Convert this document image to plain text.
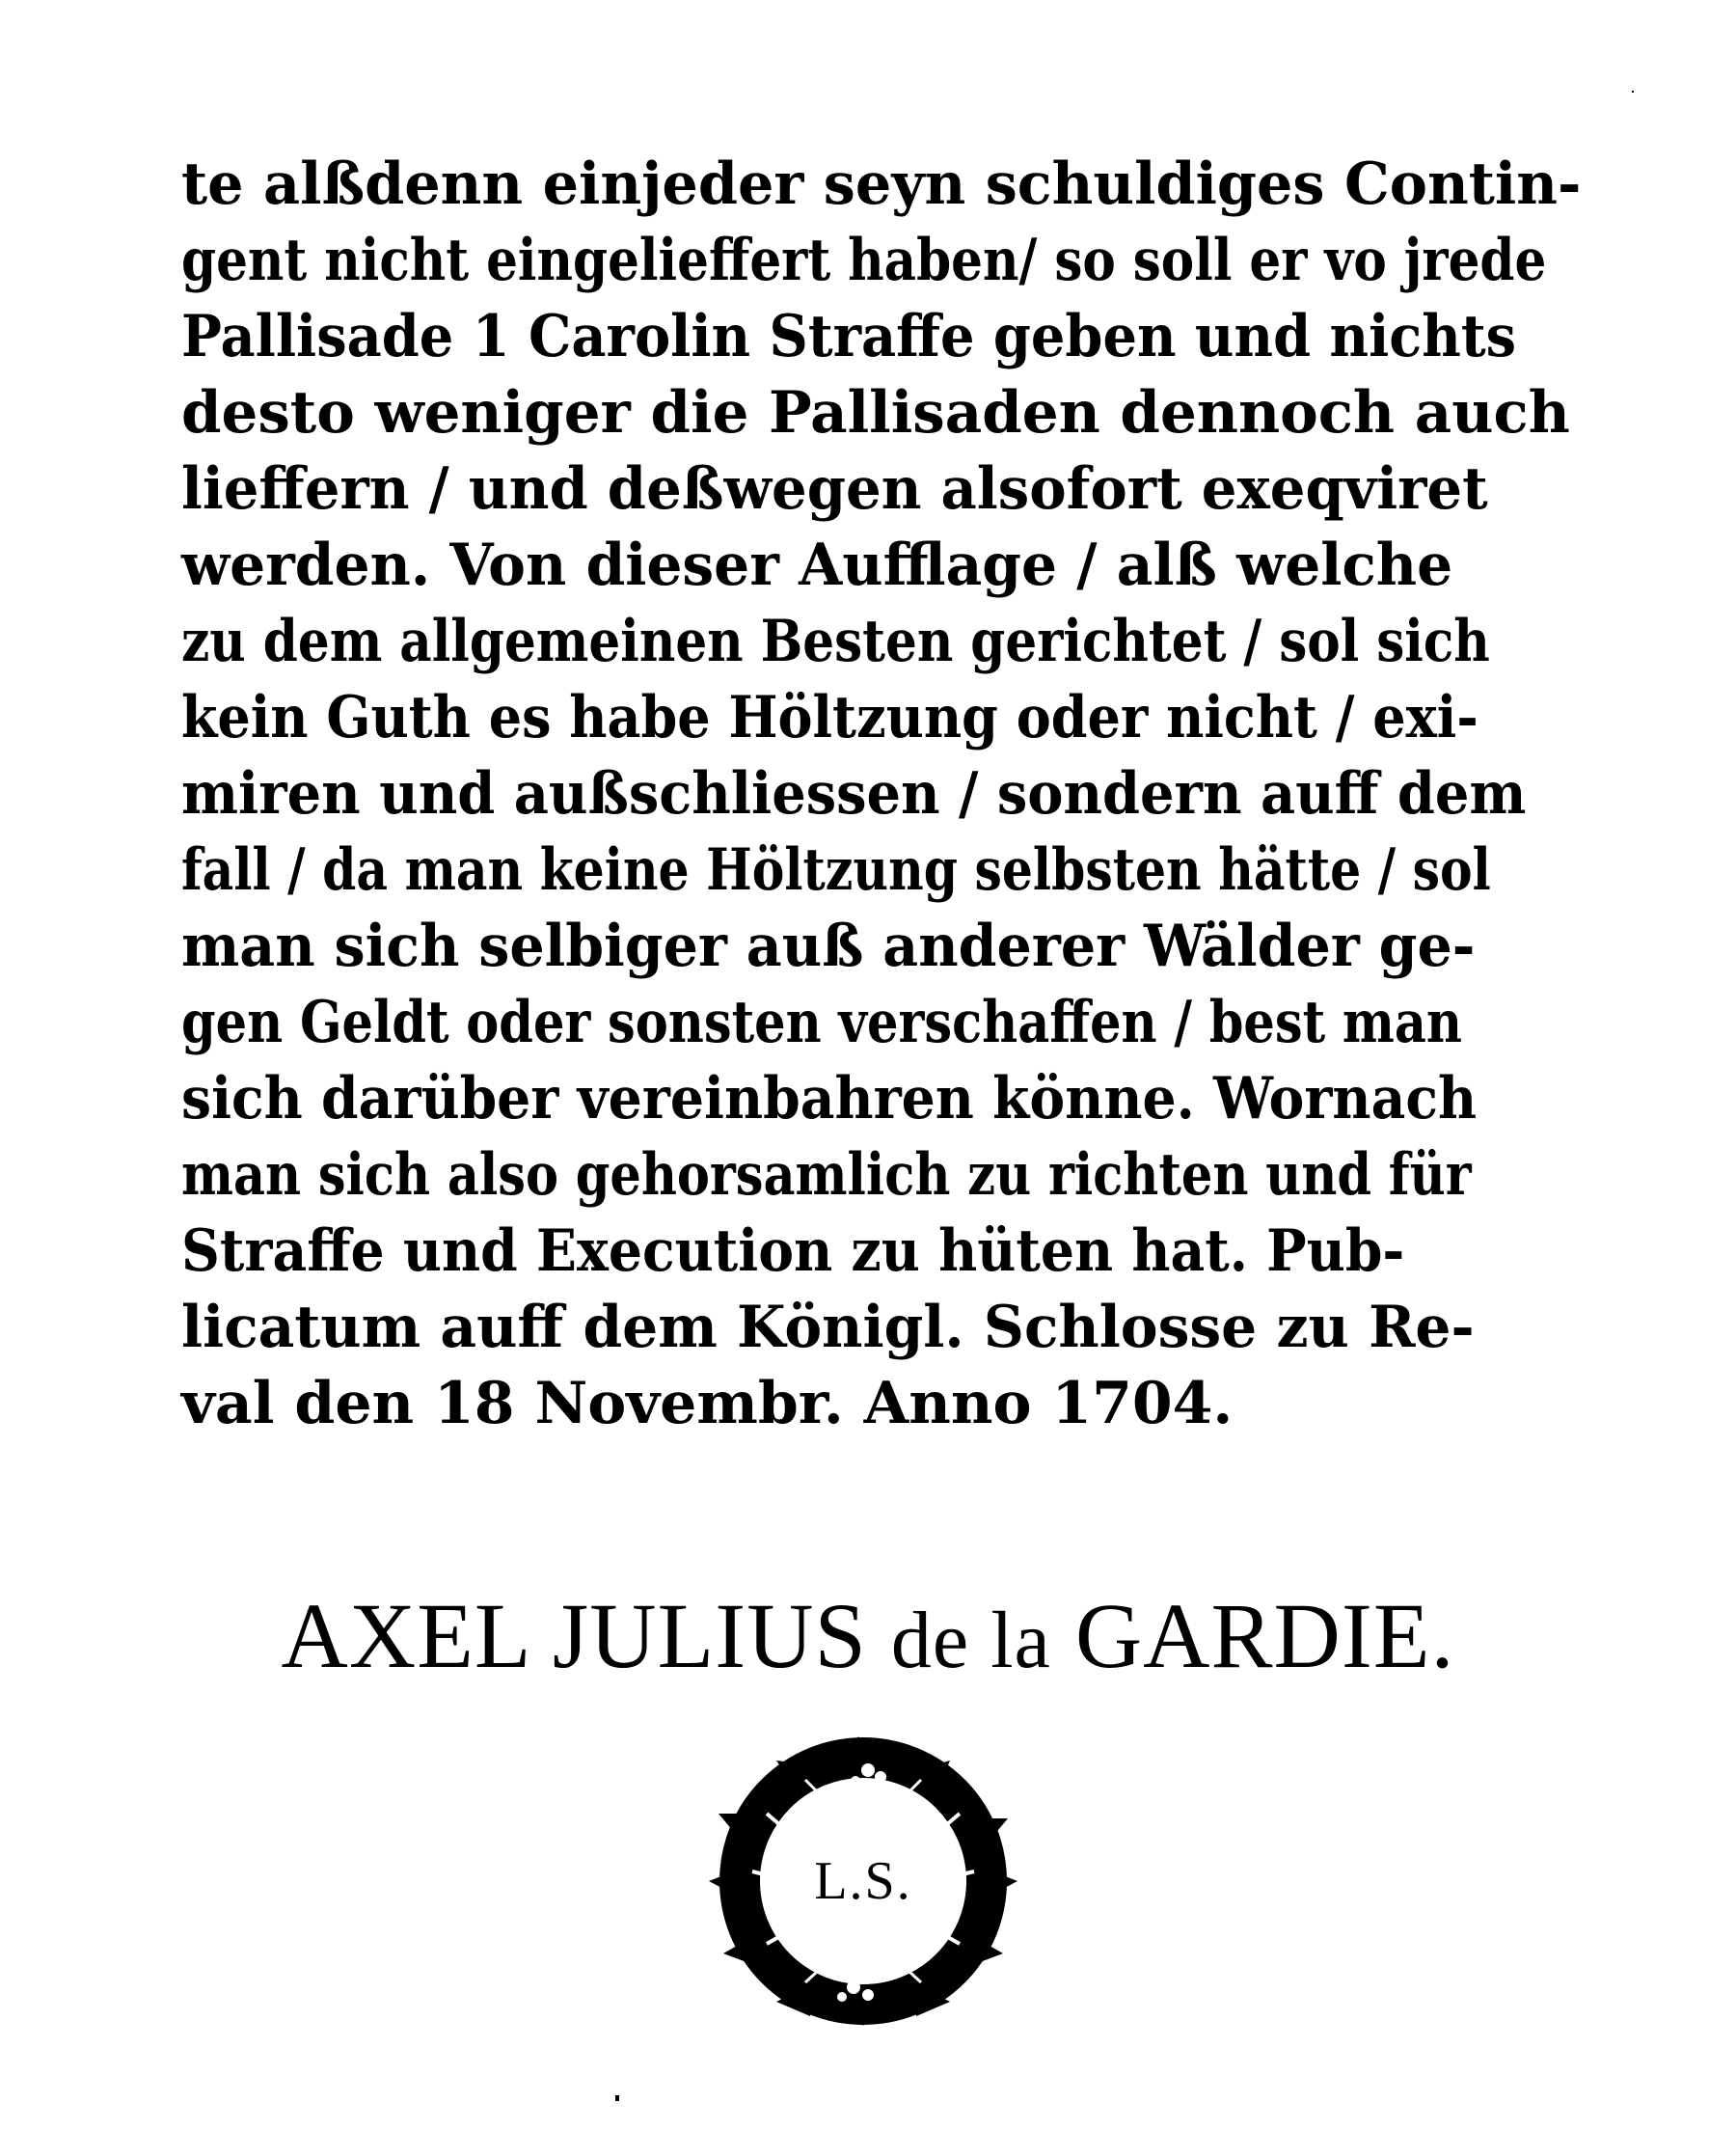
te alßdenn einjeder seyn schuldiges Contin-
gent nicht eingelieffert haben/ so soll er vo jrede
Pallisade 1 Carolin Straffe geben und nichts
desto weniger die Pallisaden dennoch auch
lieffern / und deßwegen alsofort exeqviret
werden. Von dieser Aufflage / alß welche
zu dem allgemeinen Besten gerichtet / sol sich
kein Guth es habe Höltzung oder nicht / exi-
miren und außschliessen / sondern auff dem
fall / da man keine Höltzung selbsten hätte / sol
man sich selbiger auß anderer Wälder ge-
gen Geldt oder sonsten verschaffen / best man
sich darüber vereinbahren könne. Wornach
man sich also gehorsamlich zu richten und für
Straffe und Execution zu hüten hat. Pub-
licatum auff dem Königl. Schlosse zu Re-
val den 18 Novembr. Anno 1704.
AXEL JULIUS de la GARDIE.
L.S.
